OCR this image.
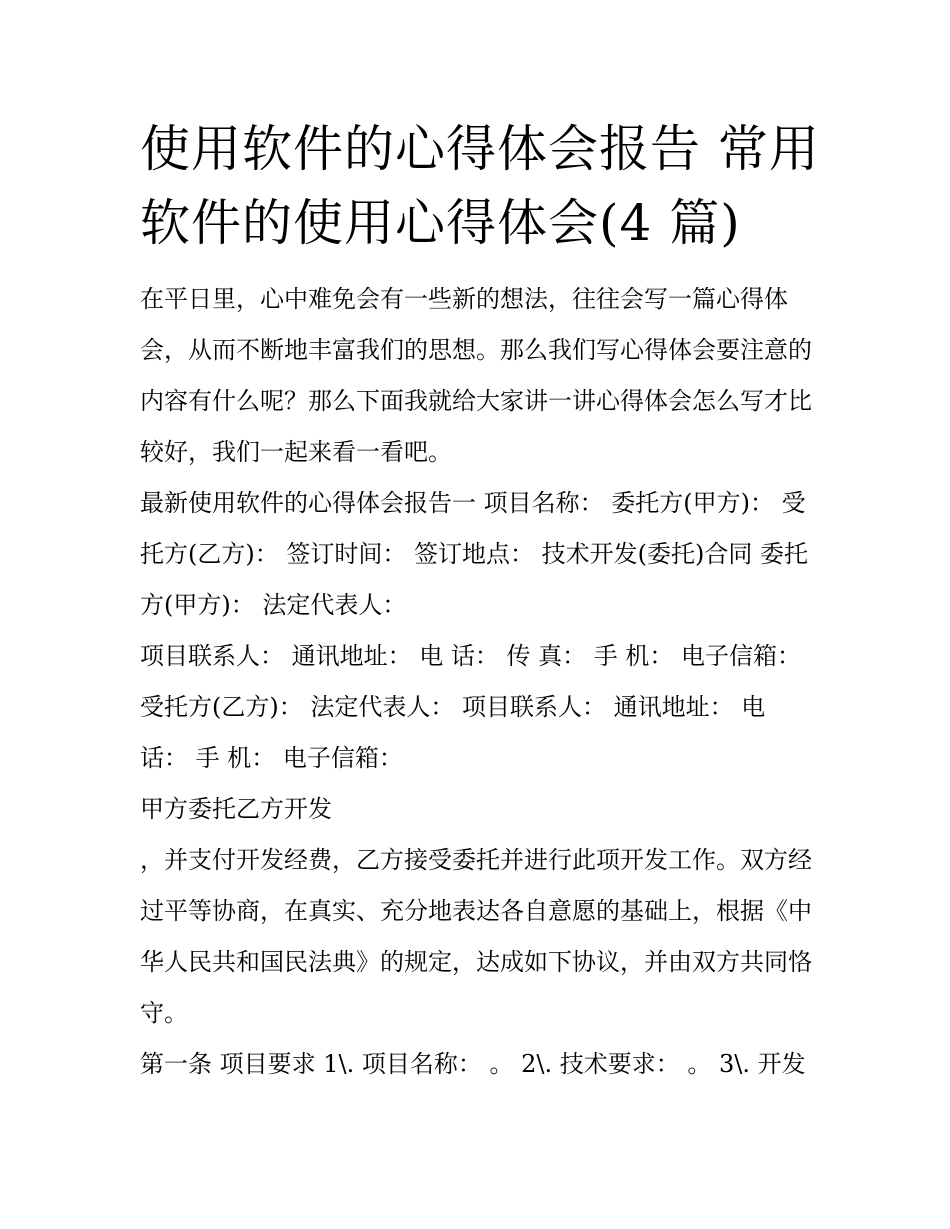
使用软件的心得体会报告 常用
软件的使用心得体会(4 篇)

在平日里，心中难免会有一些新的想法，往往会写一篇心得体会，从而不断地丰富我们的思想。那么我们写心得体会要注意的内容有什么呢？那么下面我就给大家讲一讲心得体会怎么写才比较好，我们一起来看一看吧。

最新使用软件的心得体会报告一 项目名称： 委托方(甲方)： 受托方(乙方)： 签订时间： 签订地点： 技术开发(委托)合同 委托方(甲方)： 法定代表人：

项目联系人： 通讯地址： 电 话： 传 真： 手 机： 电子信箱： 受托方(乙方)： 法定代表人： 项目联系人： 通讯地址： 电 话： 手 机： 电子信箱：

甲方委托乙方开发

，并支付开发经费，乙方接受委托并进行此项开发工作。双方经过平等协商，在真实、充分地表达各自意愿的基础上，根据《中华人民共和国民法典》的规定，达成如下协议，并由双方共同恪守。

第一条 项目要求 1\. 项目名称： 。 2\. 技术要求： 。 3\. 开发
